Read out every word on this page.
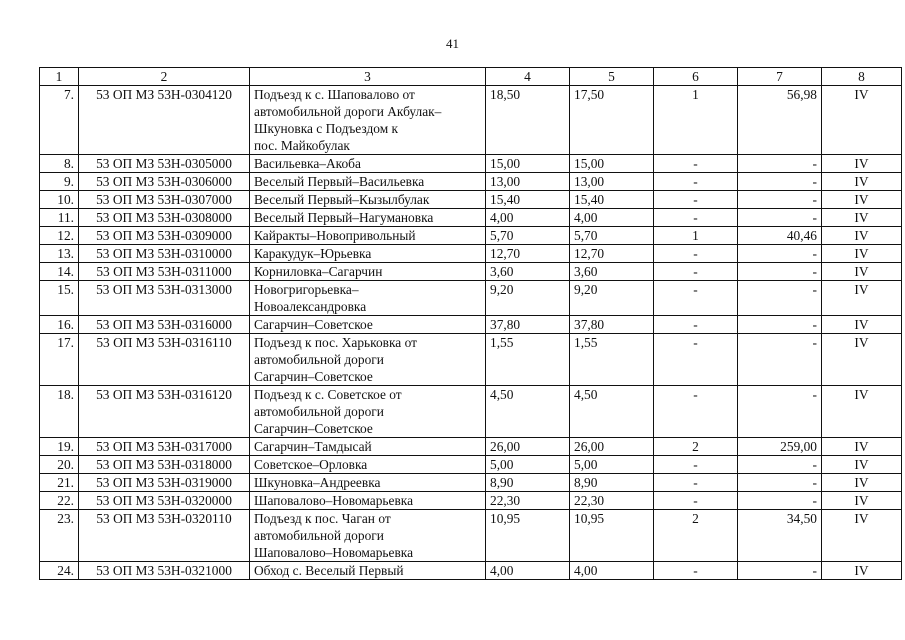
41
1	2	3	4	5	6	7	8
7.	53 ОП МЗ 53Н-0304120	Подъезд к с. Шаповалово от
автомобильной дороги Акбулак–
Шкуновка с Подъездом к
пос. Майкобулак	18,50	17,50	1	56,98	IV
8.	53 ОП МЗ 53Н-0305000	Васильевка–Акоба	15,00	15,00	-	-	IV
9.	53 ОП МЗ 53Н-0306000	Веселый Первый–Васильевка	13,00	13,00	-	-	IV
10.	53 ОП МЗ 53Н-0307000	Веселый Первый–Кызылбулак	15,40	15,40	-	-	IV
11.	53 ОП МЗ 53Н-0308000	Веселый Первый–Нагумановка	4,00	4,00	-	-	IV
12.	53 ОП МЗ 53Н-0309000	Кайракты–Новопривольный	5,70	5,70	1	40,46	IV
13.	53 ОП МЗ 53Н-0310000	Каракудук–Юрьевка	12,70	12,70	-	-	IV
14.	53 ОП МЗ 53Н-0311000	Корниловка–Сагарчин	3,60	3,60	-	-	IV
15.	53 ОП МЗ 53Н-0313000	Новогригорьевка–
Новоалександровка	9,20	9,20	-	-	IV
16.	53 ОП МЗ 53Н-0316000	Сагарчин–Советское	37,80	37,80	-	-	IV
17.	53 ОП МЗ 53Н-0316110	Подъезд к пос. Харьковка от
автомобильной дороги
Сагарчин–Советское	1,55	1,55	-	-	IV
18.	53 ОП МЗ 53Н-0316120	Подъезд к с. Советское от
автомобильной дороги
Сагарчин–Советское	4,50	4,50	-	-	IV
19.	53 ОП МЗ 53Н-0317000	Сагарчин–Тамдысай	26,00	26,00	2	259,00	IV
20.	53 ОП МЗ 53Н-0318000	Советское–Орловка	5,00	5,00	-	-	IV
21.	53 ОП МЗ 53Н-0319000	Шкуновка–Андреевка	8,90	8,90	-	-	IV
22.	53 ОП МЗ 53Н-0320000	Шаповалово–Новомарьевка	22,30	22,30	-	-	IV
23.	53 ОП МЗ 53Н-0320110	Подъезд к пос. Чаган от
автомобильной дороги
Шаповалово–Новомарьевка	10,95	10,95	2	34,50	IV
24.	53 ОП МЗ 53Н-0321000	Обход с. Веселый Первый	4,00	4,00	-	-	IV
